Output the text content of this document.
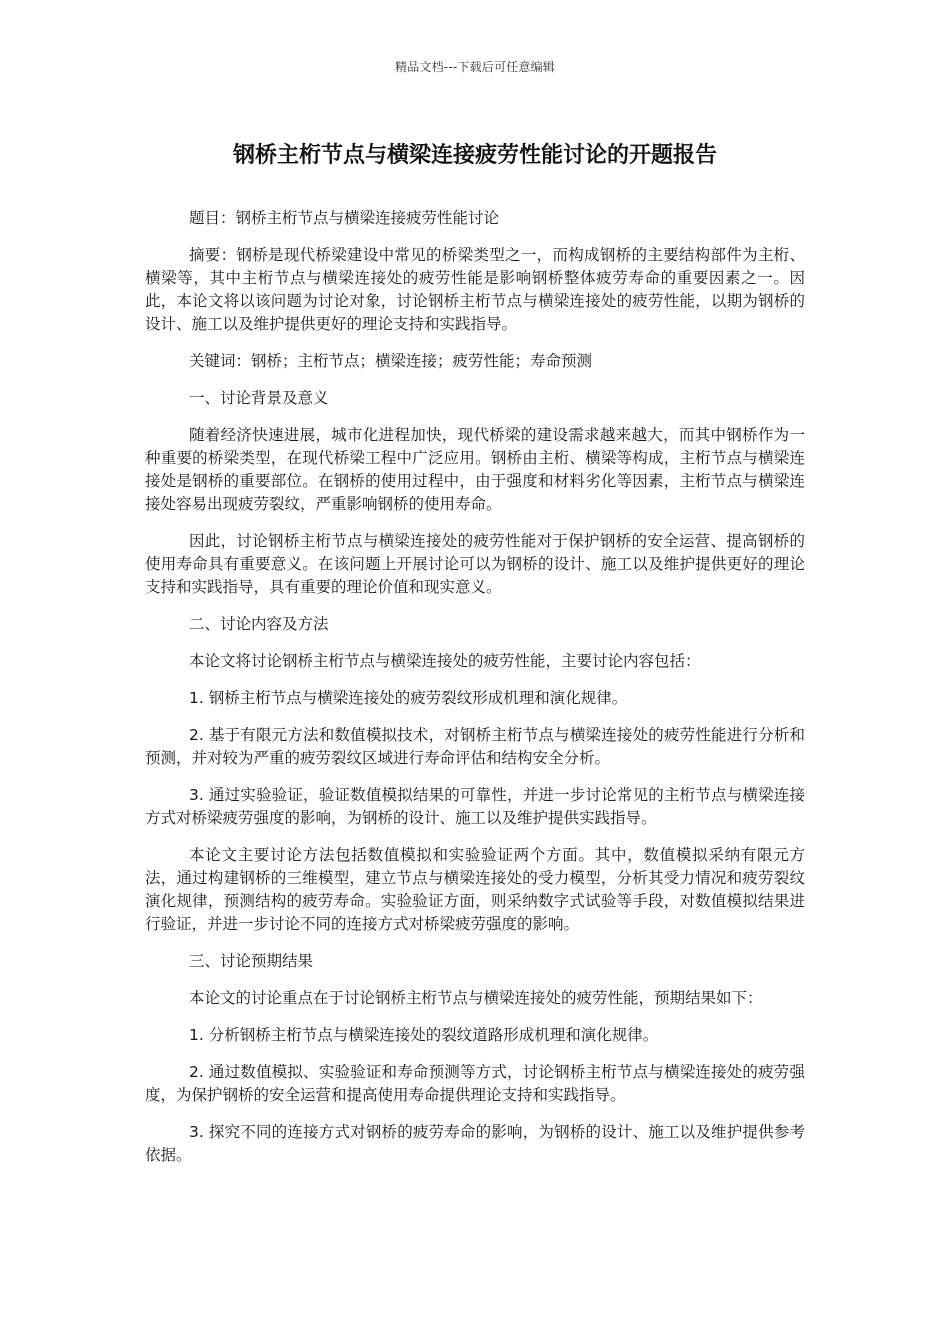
精品文档---下载后可任意编辑
钢桥主桁节点与横梁连接疲劳性能讨论的开题报告

题目：钢桥主桁节点与横梁连接疲劳性能讨论

摘要：钢桥是现代桥梁建设中常见的桥梁类型之一，而构成钢桥的主要结构部件为主桁、横梁等，其中主桁节点与横梁连接处的疲劳性能是影响钢桥整体疲劳寿命的重要因素之一。因此，本论文将以该问题为讨论对象，讨论钢桥主桁节点与横梁连接处的疲劳性能，以期为钢桥的设计、施工以及维护提供更好的理论支持和实践指导。

关键词：钢桥；主桁节点；横梁连接；疲劳性能；寿命预测

一、讨论背景及意义

随着经济快速进展，城市化进程加快，现代桥梁的建设需求越来越大，而其中钢桥作为一种重要的桥梁类型，在现代桥梁工程中广泛应用。钢桥由主桁、横梁等构成，主桁节点与横梁连接处是钢桥的重要部位。在钢桥的使用过程中，由于强度和材料劣化等因素，主桁节点与横梁连接处容易出现疲劳裂纹，严重影响钢桥的使用寿命。

因此，讨论钢桥主桁节点与横梁连接处的疲劳性能对于保护钢桥的安全运营、提高钢桥的使用寿命具有重要意义。在该问题上开展讨论可以为钢桥的设计、施工以及维护提供更好的理论支持和实践指导，具有重要的理论价值和现实意义。

二、讨论内容及方法

本论文将讨论钢桥主桁节点与横梁连接处的疲劳性能，主要讨论内容包括：

1. 钢桥主桁节点与横梁连接处的疲劳裂纹形成机理和演化规律。

2. 基于有限元方法和数值模拟技术，对钢桥主桁节点与横梁连接处的疲劳性能进行分析和预测，并对较为严重的疲劳裂纹区域进行寿命评估和结构安全分析。

3. 通过实验验证，验证数值模拟结果的可靠性，并进一步讨论常见的主桁节点与横梁连接方式对桥梁疲劳强度的影响，为钢桥的设计、施工以及维护提供实践指导。

本论文主要讨论方法包括数值模拟和实验验证两个方面。其中，数值模拟采纳有限元方法，通过构建钢桥的三维模型，建立节点与横梁连接处的受力模型，分析其受力情况和疲劳裂纹演化规律，预测结构的疲劳寿命。实验验证方面，则采纳数字式试验等手段，对数值模拟结果进行验证，并进一步讨论不同的连接方式对桥梁疲劳强度的影响。

三、讨论预期结果

本论文的讨论重点在于讨论钢桥主桁节点与横梁连接处的疲劳性能，预期结果如下：

1. 分析钢桥主桁节点与横梁连接处的裂纹道路形成机理和演化规律。

2. 通过数值模拟、实验验证和寿命预测等方式，讨论钢桥主桁节点与横梁连接处的疲劳强度，为保护钢桥的安全运营和提高使用寿命提供理论支持和实践指导。

3. 探究不同的连接方式对钢桥的疲劳寿命的影响，为钢桥的设计、施工以及维护提供参考依据。
